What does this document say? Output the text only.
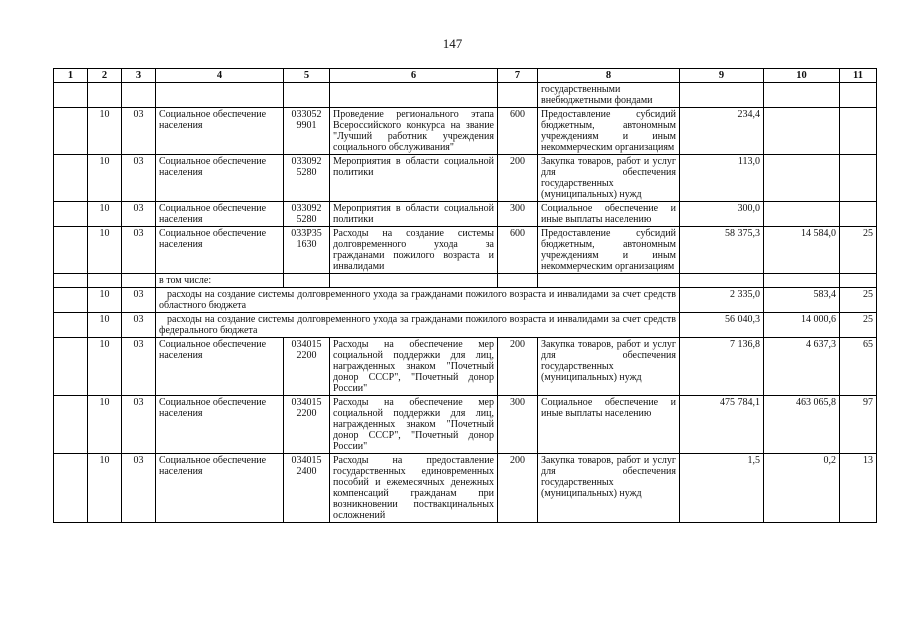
147
1	2	3	4	5	6	7	8	9	10	11
							государственными внебюджетными фондами			
	10	03	Социальное обеспечение населения	033052 9901	Проведение регионального этапа Всероссийского конкурса на звание "Лучший работник учреждения социального обслуживания"	600	Предоставление субсидий бюджетным, автономным учреждениям и иным некоммерческим организациям	234,4		
	10	03	Социальное обеспечение населения	033092 5280	Мероприятия в области социальной политики	200	Закупка товаров, работ и услуг для обеспечения государственных (муниципальных) нужд	113,0		
	10	03	Социальное обеспечение населения	033092 5280	Мероприятия в области социальной политики	300	Социальное обеспечение и иные выплаты населению	300,0		
	10	03	Социальное обеспечение населения	033P35 1630	Расходы на создание системы долговременного ухода за гражданами пожилого возраста и инвалидами	600	Предоставление субсидий бюджетным, автономным учреждениям и иным некоммерческим организациям	58 375,3	14 584,0	25
			в том числе:							
	10	03	расходы на создание системы долговременного ухода за гражданами пожилого возраста и инвалидами за счет средств областного бюджета					2 335,0	583,4	25
	10	03	расходы на создание системы долговременного ухода за гражданами пожилого возраста и инвалидами за счет средств федерального бюджета					56 040,3	14 000,6	25
	10	03	Социальное обеспечение населения	034015 2200	Расходы на обеспечение мер социальной поддержки для лиц, награжденных знаком "Почетный донор СССР", "Почетный донор России"	200	Закупка товаров, работ и услуг для обеспечения государственных (муниципальных) нужд	7 136,8	4 637,3	65
	10	03	Социальное обеспечение населения	034015 2200	Расходы на обеспечение мер социальной поддержки для лиц, награжденных знаком "Почетный донор СССР", "Почетный донор России"	300	Социальное обеспечение и иные выплаты населению	475 784,1	463 065,8	97
	10	03	Социальное обеспечение населения	034015 2400	Расходы на предоставление государственных единовременных пособий и ежемесячных денежных компенсаций гражданам при возникновении поствакцинальных осложнений	200	Закупка товаров, работ и услуг для обеспечения государственных (муниципальных) нужд	1,5	0,2	13
